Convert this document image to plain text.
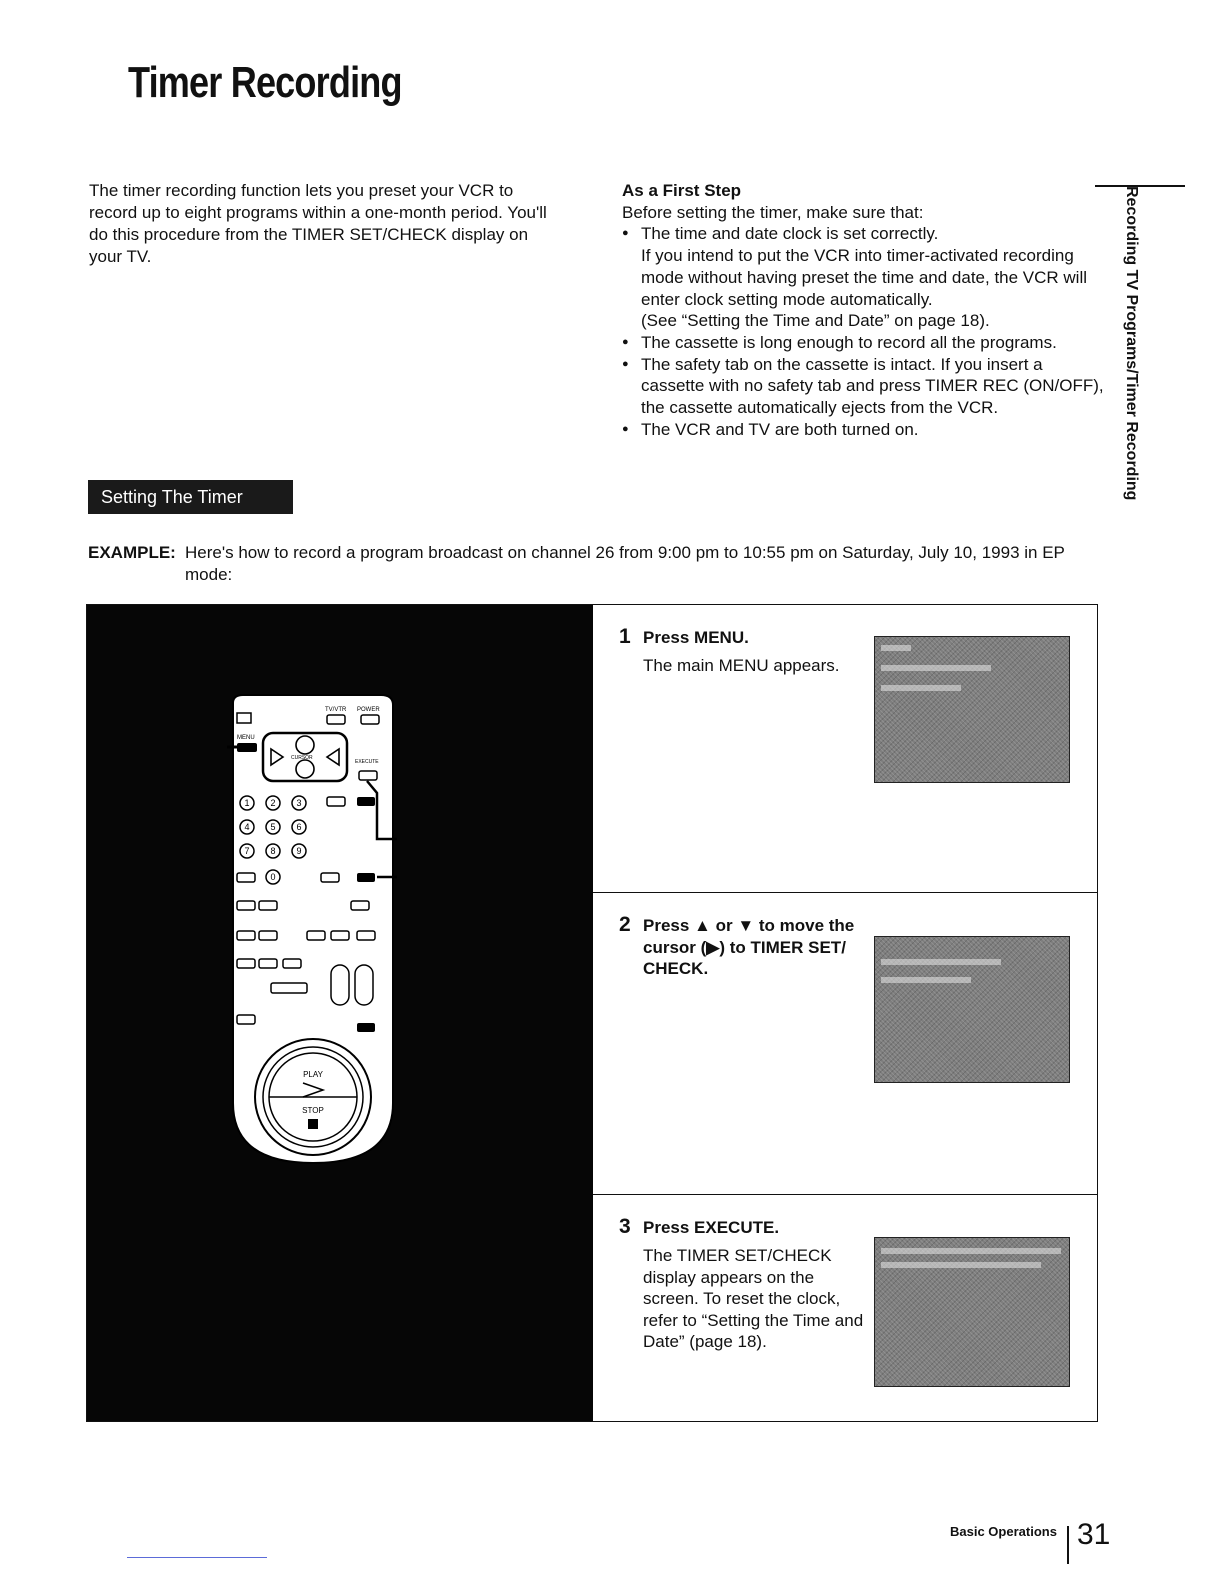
Timer Recording

The timer recording function lets you preset your VCR to record up to eight programs within a one-month period. You'll do this procedure from the TIMER SET/CHECK display on your TV.

As a First Step

Before setting the timer, make sure that:

● The time and date clock is set correctly.
If you intend to put the VCR into timer-activated recording mode without having preset the time and date, the VCR will enter clock setting mode automatically.
(See “Setting the Time and Date” on page 18).
● The cassette is long enough to record all the programs.
● The safety tab on the cassette is intact. If you insert a cassette with no safety tab and press TIMER REC (ON/OFF), the cassette automatically ejects from the VCR.
● The VCR and TV are both turned on.	Recording TV Programs/Timer Recording
Setting The Timer
EXAMPLE: Here's how to record a program broadcast on channel 26 from 9:00 pm to 10:55 pm on Saturday, July 10, 1993 in EP mode:
TV/VTR POWER
MENU
CURSOR
EXECUTE
1 2 3
4 5 6
7 8 9
0
PLAY
STOP
1 Press MENU.
The main MENU appears.
2 Press ▲ or ▼ to move the cursor (▶) to TIMER SET/ CHECK.
3 Press EXECUTE.
The TIMER SET/CHECK display appears on the screen. To reset the clock, refer to “Setting the Time and Date” (page 18).
Basic Operations 31
